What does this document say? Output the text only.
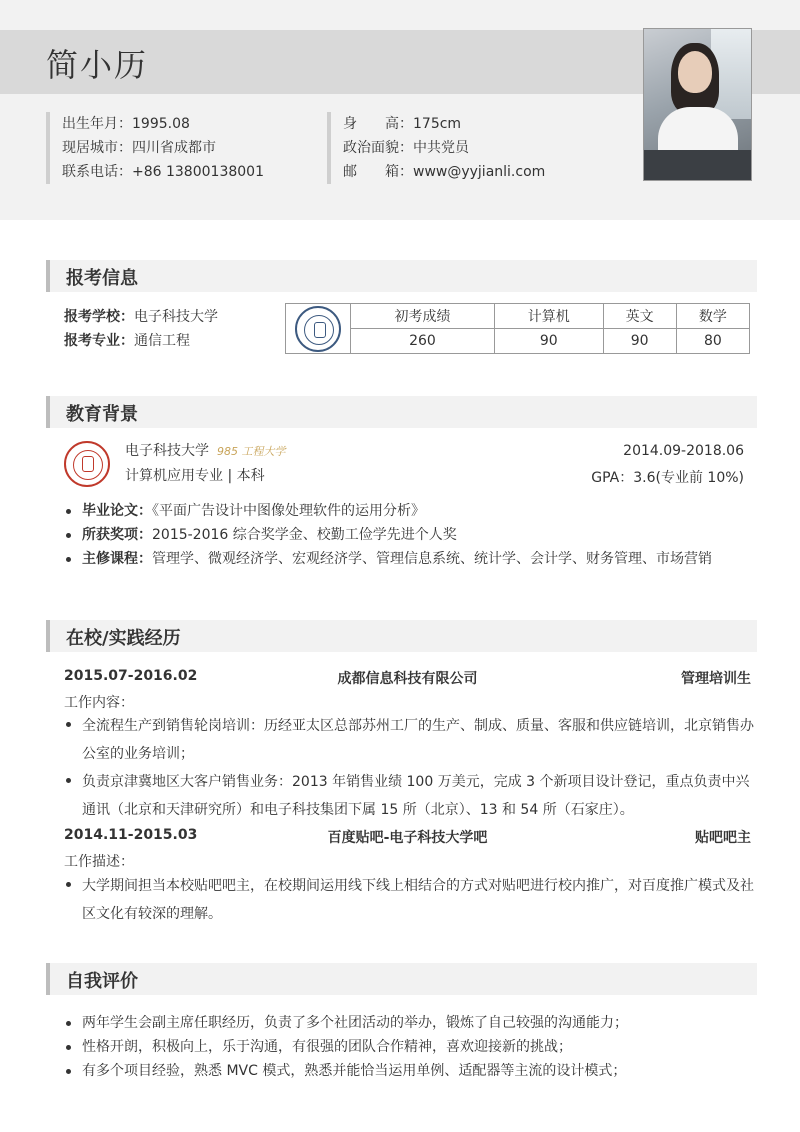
简小历
出生年月：1995.08
现居城市：四川省成都市
联系电话：+86 13800138001
身　　高：175cm
政治面貌：中共党员
邮　　箱：www@yyjianli.com
报考信息
报考学校：电子科技大学
报考专业：通信工程
	初考成绩	计算机	英文	数学
	260	90	90	80
教育背景
电子科技大学 985 工程大学
计算机应用专业 | 本科
2014.09-2018.06
GPA：3.6(专业前 10%)
毕业论文：《平面广告设计中图像处理软件的运用分析》
所获奖项：2015-2016 综合奖学金、校勤工俭学先进个人奖
主修课程：管理学、微观经济学、宏观经济学、管理信息系统、统计学、会计学、财务管理、市场营销
在校/实践经历
2015.07-2016.02	成都信息科技有限公司	管理培训生
工作内容：
全流程生产到销售轮岗培训：历经亚太区总部苏州工厂的生产、制成、质量、客服和供应链培训，北京销售办公室的业务培训；
负责京津冀地区大客户销售业务：2013 年销售业绩 100 万美元，完成 3 个新项目设计登记，重点负责中兴通讯（北京和天津研究所）和电子科技集团下属 15 所（北京）、13 和 54 所（石家庄）。
2014.11-2015.03	百度贴吧-电子科技大学吧	贴吧吧主
工作描述：
大学期间担当本校贴吧吧主，在校期间运用线下线上相结合的方式对贴吧进行校内推广，对百度推广模式及社区文化有较深的理解。
自我评价
两年学生会副主席任职经历，负责了多个社团活动的举办，锻炼了自己较强的沟通能力；
性格开朗，积极向上，乐于沟通，有很强的团队合作精神，喜欢迎接新的挑战；
有多个项目经验，熟悉 MVC 模式，熟悉并能恰当运用单例、适配器等主流的设计模式；
